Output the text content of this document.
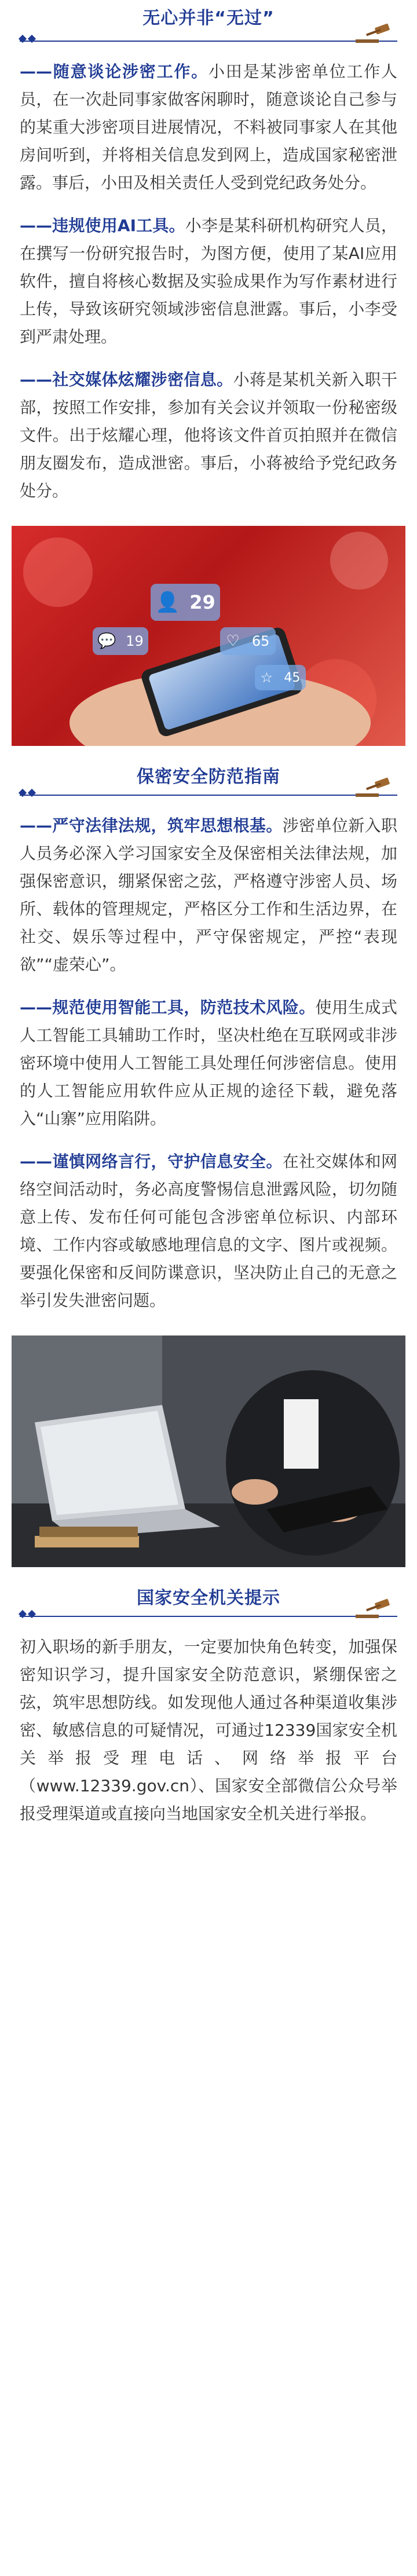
无心并非“无过”

——随意谈论涉密工作。小田是某涉密单位工作人员，在一次赴同事家做客闲聊时，随意谈论自己参与的某重大涉密项目进展情况，不料被同事家人在其他房间听到，并将相关信息发到网上，造成国家秘密泄露。事后，小田及相关责任人受到党纪政务处分。

——违规使用AI工具。小李是某科研机构研究人员，在撰写一份研究报告时，为图方便，使用了某AI应用软件，擅自将核心数据及实验成果作为写作素材进行上传，导致该研究领域涉密信息泄露。事后，小李受到严肃处理。

——社交媒体炫耀涉密信息。小蒋是某机关新入职干部，按照工作安排，参加有关会议并领取一份秘密级文件。出于炫耀心理，他将该文件首页拍照并在微信朋友圈发布，造成泄密。事后，小蒋被给予党纪政务处分。

👤 29
💬 19	♡ 65
☆ 45
保密安全防范指南

——严守法律法规，筑牢思想根基。涉密单位新入职人员务必深入学习国家安全及保密相关法律法规，加强保密意识，绷紧保密之弦，严格遵守涉密人员、场所、载体的管理规定，严格区分工作和生活边界，在社交、娱乐等过程中，严守保密规定，严控“表现欲”“虚荣心”。

——规范使用智能工具，防范技术风险。使用生成式人工智能工具辅助工作时，坚决杜绝在互联网或非涉密环境中使用人工智能工具处理任何涉密信息。使用的人工智能应用软件应从正规的途径下载，避免落入“山寨”应用陷阱。

——谨慎网络言行，守护信息安全。在社交媒体和网络空间活动时，务必高度警惕信息泄露风险，切勿随意上传、发布任何可能包含涉密单位标识、内部环境、工作内容或敏感地理信息的文字、图片或视频。要强化保密和反间防谍意识，坚决防止自己的无意之举引发失泄密问题。

国家安全机关提示

初入职场的新手朋友，一定要加快角色转变，加强保密知识学习，提升国家安全防范意识，紧绷保密之弦，筑牢思想防线。如发现他人通过各种渠道收集涉密、敏感信息的可疑情况，可通过12339国家安全机关举报受理电话、网络举报平台（www.12339.gov.cn）、国家安全部微信公众号举报受理渠道或直接向当地国家安全机关进行举报。
